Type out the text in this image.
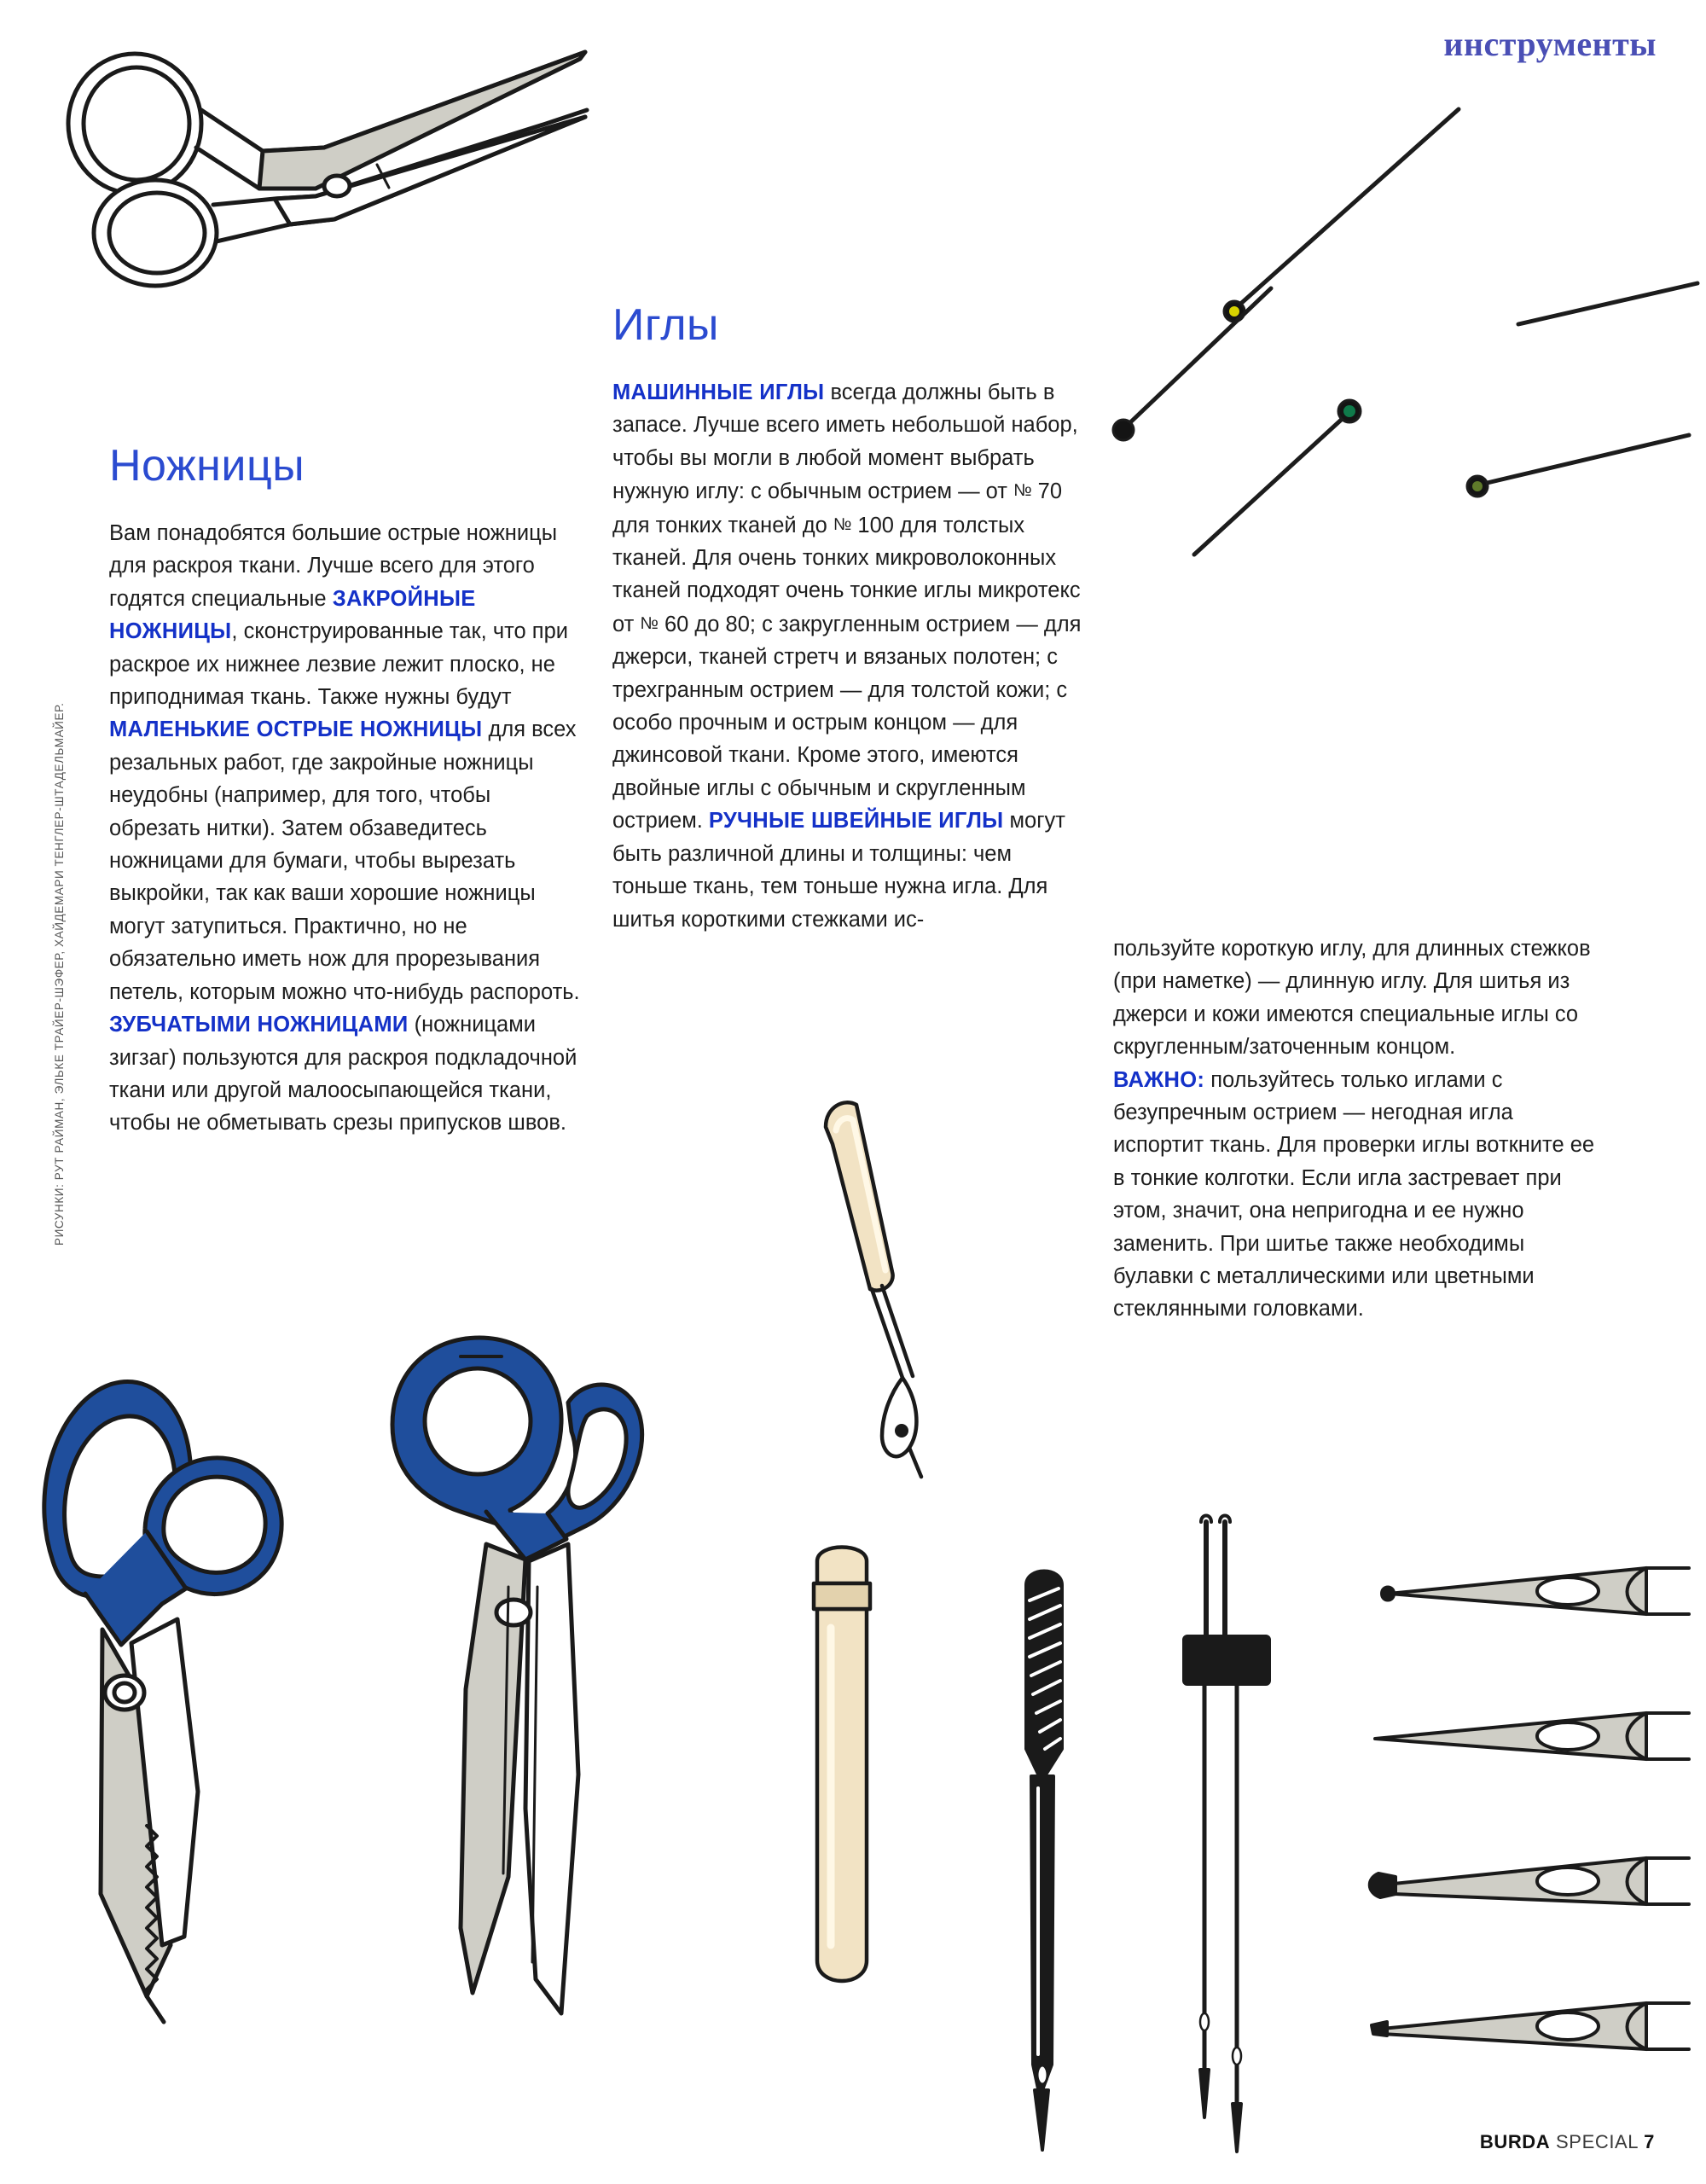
инструменты
РИСУНКИ: РУТ РАЙМАН, ЭЛЬКЕ ТРАЙЕР-ШЭФЕР, ХАЙДЕМАРИ ТЕНГЛЕР-ШТАДЕЛЬМАЙЕР.
Ножницы
Вам понадобятся большие острые ножницы для раскроя ткани. Лучше всего для этого годятся специальные ЗАКРОЙНЫЕ НОЖНИЦЫ, сконструированные так, что при раскрое их нижнее лезвие лежит плоско, не приподнимая ткань. Также нужны будут МАЛЕНЬКИЕ ОСТРЫЕ НОЖНИЦЫ для всех резальных работ, где закройные ножницы неудобны (например, для того, чтобы обрезать нитки). Затем обзаведитесь ножницами для бумаги, чтобы вырезать выкройки, так как ваши хорошие ножницы могут затупиться. Практично, но не обязательно иметь нож для прорезывания петель, которым можно что-нибудь распороть. ЗУБЧАТЫМИ НОЖНИЦАМИ (ножницами зигзаг) пользуются для раскроя подкладочной ткани или другой малоосыпающейся ткани, чтобы не обметывать срезы припусков швов.
Иглы
МАШИННЫЕ ИГЛЫ всегда должны быть в запасе. Лучше всего иметь небольшой набор, чтобы вы могли в любой момент выбрать нужную иглу: с обычным острием — от № 70 для тонких тканей до № 100 для толстых тканей. Для очень тонких микроволоконных тканей подходят очень тонкие иглы микротекс от № 60 до 80; с закругленным острием — для джерси, тканей стретч и вязаных полотен; с трехгранным острием — для толстой кожи; с особо прочным и острым концом — для джинсовой ткани. Кроме этого, имеются двойные иглы с обычным и скругленным острием. РУЧНЫЕ ШВЕЙНЫЕ ИГЛЫ могут быть различной длины и толщины: чем тоньше ткань, тем тоньше нужна игла. Для шитья короткими стежками ис-
пользуйте короткую иглу, для длинных стежков (при наметке) — длинную иглу. Для шитья из джерси и кожи имеются специальные иглы со скругленным/заточенным концом.
ВАЖНО: пользуйтесь только иглами с безупречным острием — негодная игла испортит ткань. Для проверки иглы воткните ее в тонкие колготки. Если игла застревает при этом, значит, она непригодна и ее нужно заменить. При шитье также необходимы булавки с металлическими или цветными стеклянными головками.
BURDA SPECIAL 7
